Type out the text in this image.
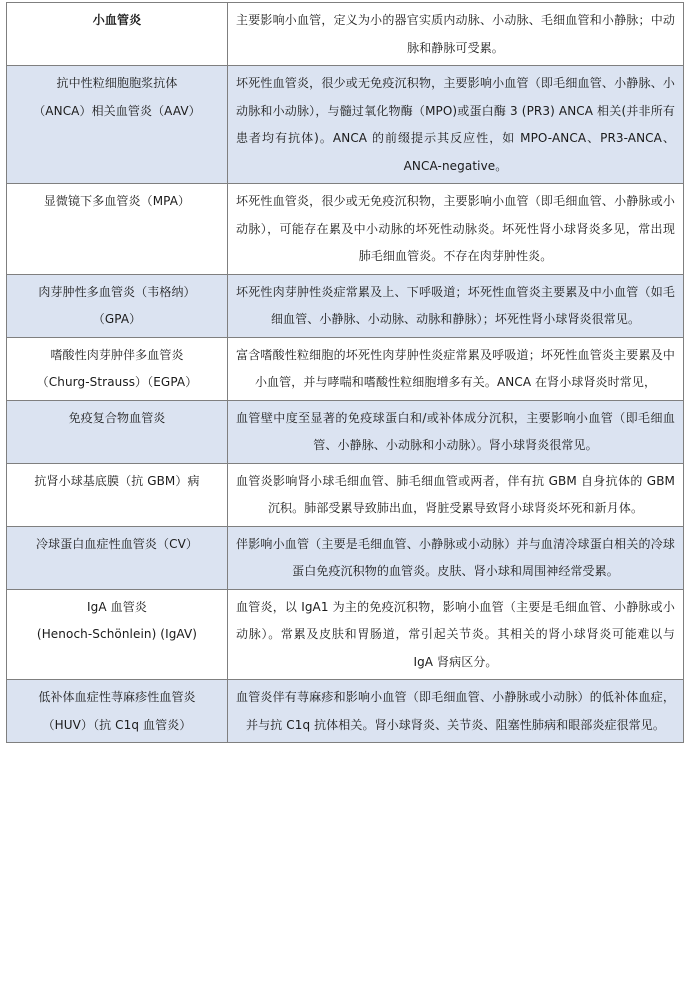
小血管炎	主要影响小血管，定义为小的器官实质内动脉、小动脉、毛细血管和小静脉；中动脉和静脉可受累。

抗中性粒细胞胞浆抗体
（ANCA）相关血管炎（AAV）	坏死性血管炎，很少或无免疫沉积物，主要影响小血管（即毛细血管、小静脉、小动脉和小动脉），与髓过氧化物酶（MPO)或蛋白酶 3 (PR3) ANCA 相关(并非所有患者均有抗体)。ANCA 的前缀提示其反应性，如 MPO-ANCA、PR3-ANCA、ANCA-negative。

显微镜下多血管炎（MPA）	坏死性血管炎，很少或无免疫沉积物，主要影响小血管（即毛细血管、小静脉或小动脉），可能存在累及中小动脉的坏死性动脉炎。坏死性肾小球肾炎多见，常出现肺毛细血管炎。不存在肉芽肿性炎。

肉芽肿性多血管炎（韦格纳）
（GPA）	坏死性肉芽肿性炎症常累及上、下呼吸道；坏死性血管炎主要累及中小血管（如毛细血管、小静脉、小动脉、动脉和静脉）；坏死性肾小球肾炎很常见。

嗜酸性肉芽肿伴多血管炎
（Churg-Strauss）（EGPA）	富含嗜酸性粒细胞的坏死性肉芽肿性炎症常累及呼吸道；坏死性血管炎主要累及中小血管，并与哮喘和嗜酸性粒细胞增多有关。ANCA 在肾小球肾炎时常见，

免疫复合物血管炎	血管壁中度至显著的免疫球蛋白和/或补体成分沉积，主要影响小血管（即毛细血管、小静脉、小动脉和小动脉）。肾小球肾炎很常见。

抗肾小球基底膜（抗 GBM）病	血管炎影响肾小球毛细血管、肺毛细血管或两者，伴有抗 GBM 自身抗体的 GBM 沉积。肺部受累导致肺出血，肾脏受累导致肾小球肾炎坏死和新月体。

冷球蛋白血症性血管炎（CV）	伴影响小血管（主要是毛细血管、小静脉或小动脉）并与血清冷球蛋白相关的冷球蛋白免疫沉积物的血管炎。皮肤、肾小球和周围神经常受累。

IgA 血管炎
(Henoch-Schönlein) (IgAV)	血管炎，以 IgA1 为主的免疫沉积物，影响小血管（主要是毛细血管、小静脉或小动脉）。常累及皮肤和胃肠道，常引起关节炎。其相关的肾小球肾炎可能难以与 IgA 肾病区分。

低补体血症性荨麻疹性血管炎
（HUV）（抗 C1q 血管炎）	血管炎伴有荨麻疹和影响小血管（即毛细血管、小静脉或小动脉）的低补体血症，并与抗 C1q 抗体相关。肾小球肾炎、关节炎、阻塞性肺病和眼部炎症很常见。
